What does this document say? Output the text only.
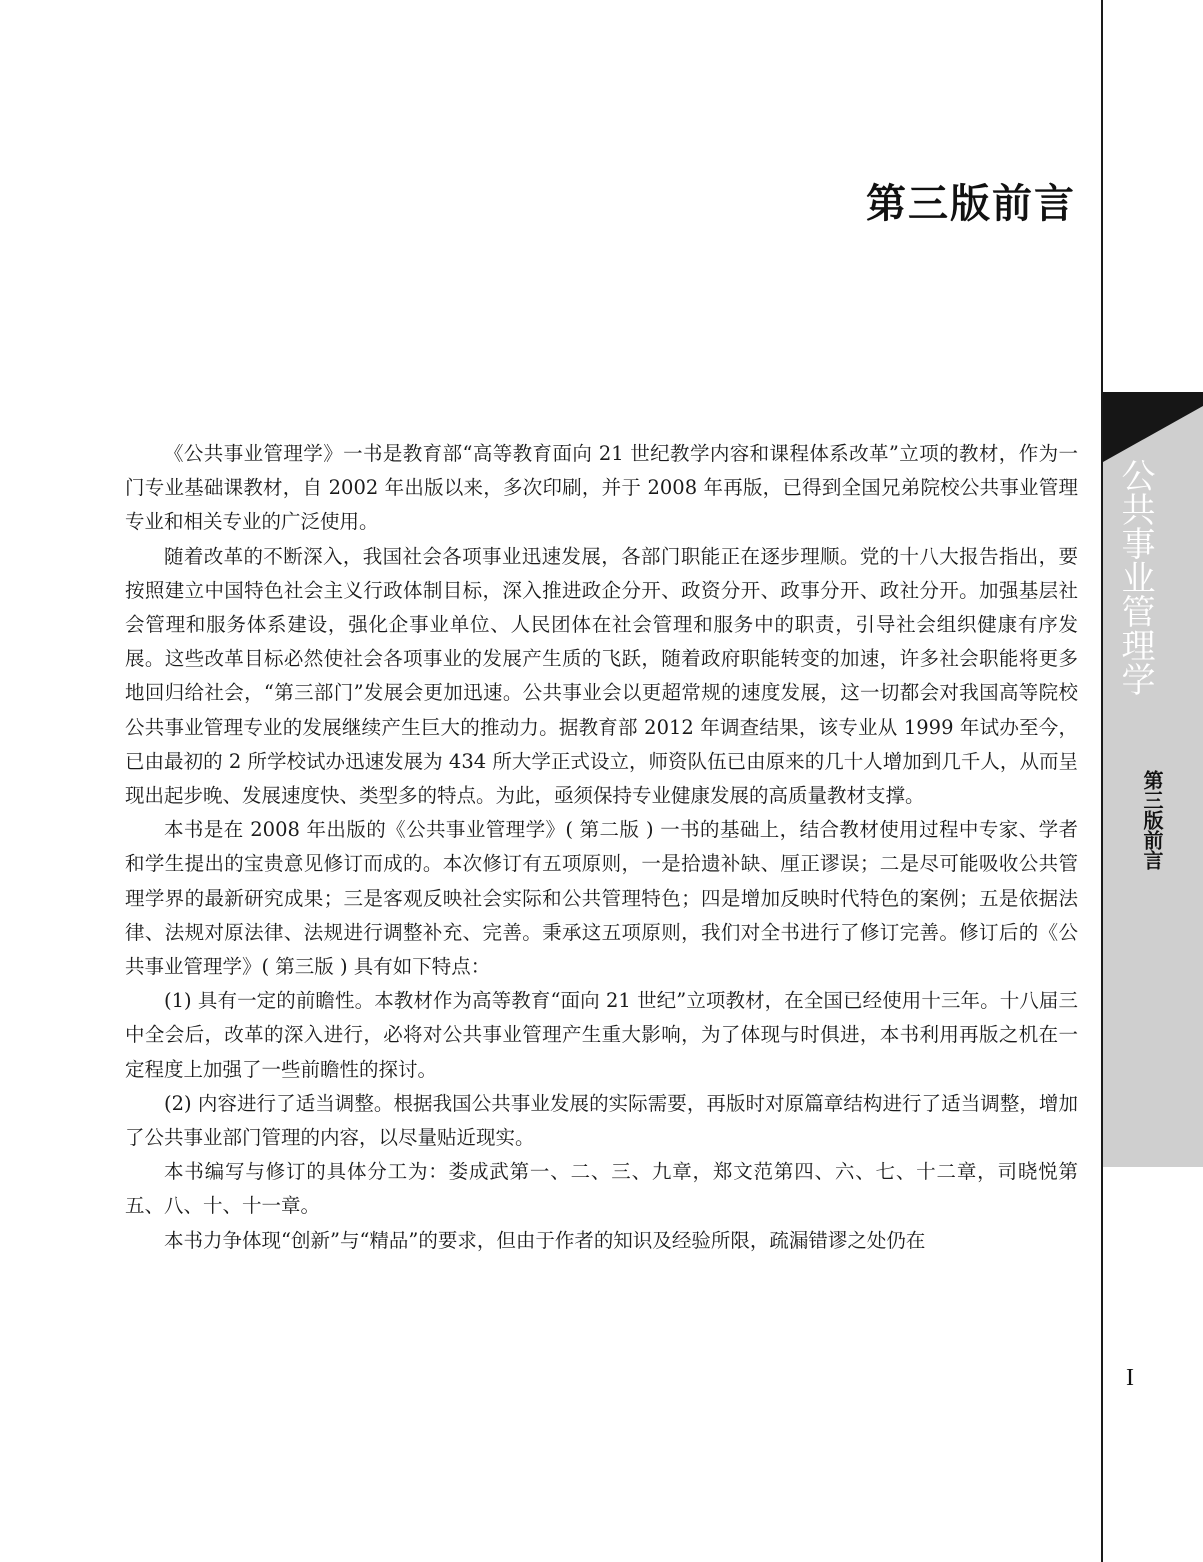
公共事业管理学
第三版前言
第三版前言

《公共事业管理学》一书是教育部“高等教育面向 21 世纪教学内容和课程体系改革”立项的教材，作为一门专业基础课教材，自 2002 年出版以来，多次印刷，并于 2008 年再版，已得到全国兄弟院校公共事业管理专业和相关专业的广泛使用。

随着改革的不断深入，我国社会各项事业迅速发展，各部门职能正在逐步理顺。党的十八大报告指出，要按照建立中国特色社会主义行政体制目标，深入推进政企分开、政资分开、政事分开、政社分开。加强基层社会管理和服务体系建设，强化企事业单位、人民团体在社会管理和服务中的职责，引导社会组织健康有序发展。这些改革目标必然使社会各项事业的发展产生质的飞跃，随着政府职能转变的加速，许多社会职能将更多地回归给社会，“第三部门”发展会更加迅速。公共事业会以更超常规的速度发展，这一切都会对我国高等院校公共事业管理专业的发展继续产生巨大的推动力。据教育部 2012 年调查结果，该专业从 1999 年试办至今，已由最初的 2 所学校试办迅速发展为 434 所大学正式设立，师资队伍已由原来的几十人增加到几千人，从而呈现出起步晚、发展速度快、类型多的特点。为此，亟须保持专业健康发展的高质量教材支撑。

本书是在 2008 年出版的《公共事业管理学》( 第二版 ) 一书的基础上，结合教材使用过程中专家、学者和学生提出的宝贵意见修订而成的。本次修订有五项原则，一是拾遗补缺、厘正谬误；二是尽可能吸收公共管理学界的最新研究成果；三是客观反映社会实际和公共管理特色；四是增加反映时代特色的案例；五是依据法律、法规对原法律、法规进行调整补充、完善。秉承这五项原则，我们对全书进行了修订完善。修订后的《公共事业管理学》( 第三版 ) 具有如下特点：

(1) 具有一定的前瞻性。本教材作为高等教育“面向 21 世纪”立项教材，在全国已经使用十三年。十八届三中全会后，改革的深入进行，必将对公共事业管理产生重大影响，为了体现与时俱进，本书利用再版之机在一定程度上加强了一些前瞻性的探讨。

(2) 内容进行了适当调整。根据我国公共事业发展的实际需要，再版时对原篇章结构进行了适当调整，增加了公共事业部门管理的内容，以尽量贴近现实。

本书编写与修订的具体分工为：娄成武第一、二、三、九章，郑文范第四、六、七、十二章，司晓悦第五、八、十、十一章。

本书力争体现“创新”与“精品”的要求，但由于作者的知识及经验所限，疏漏错谬之处仍在

I
